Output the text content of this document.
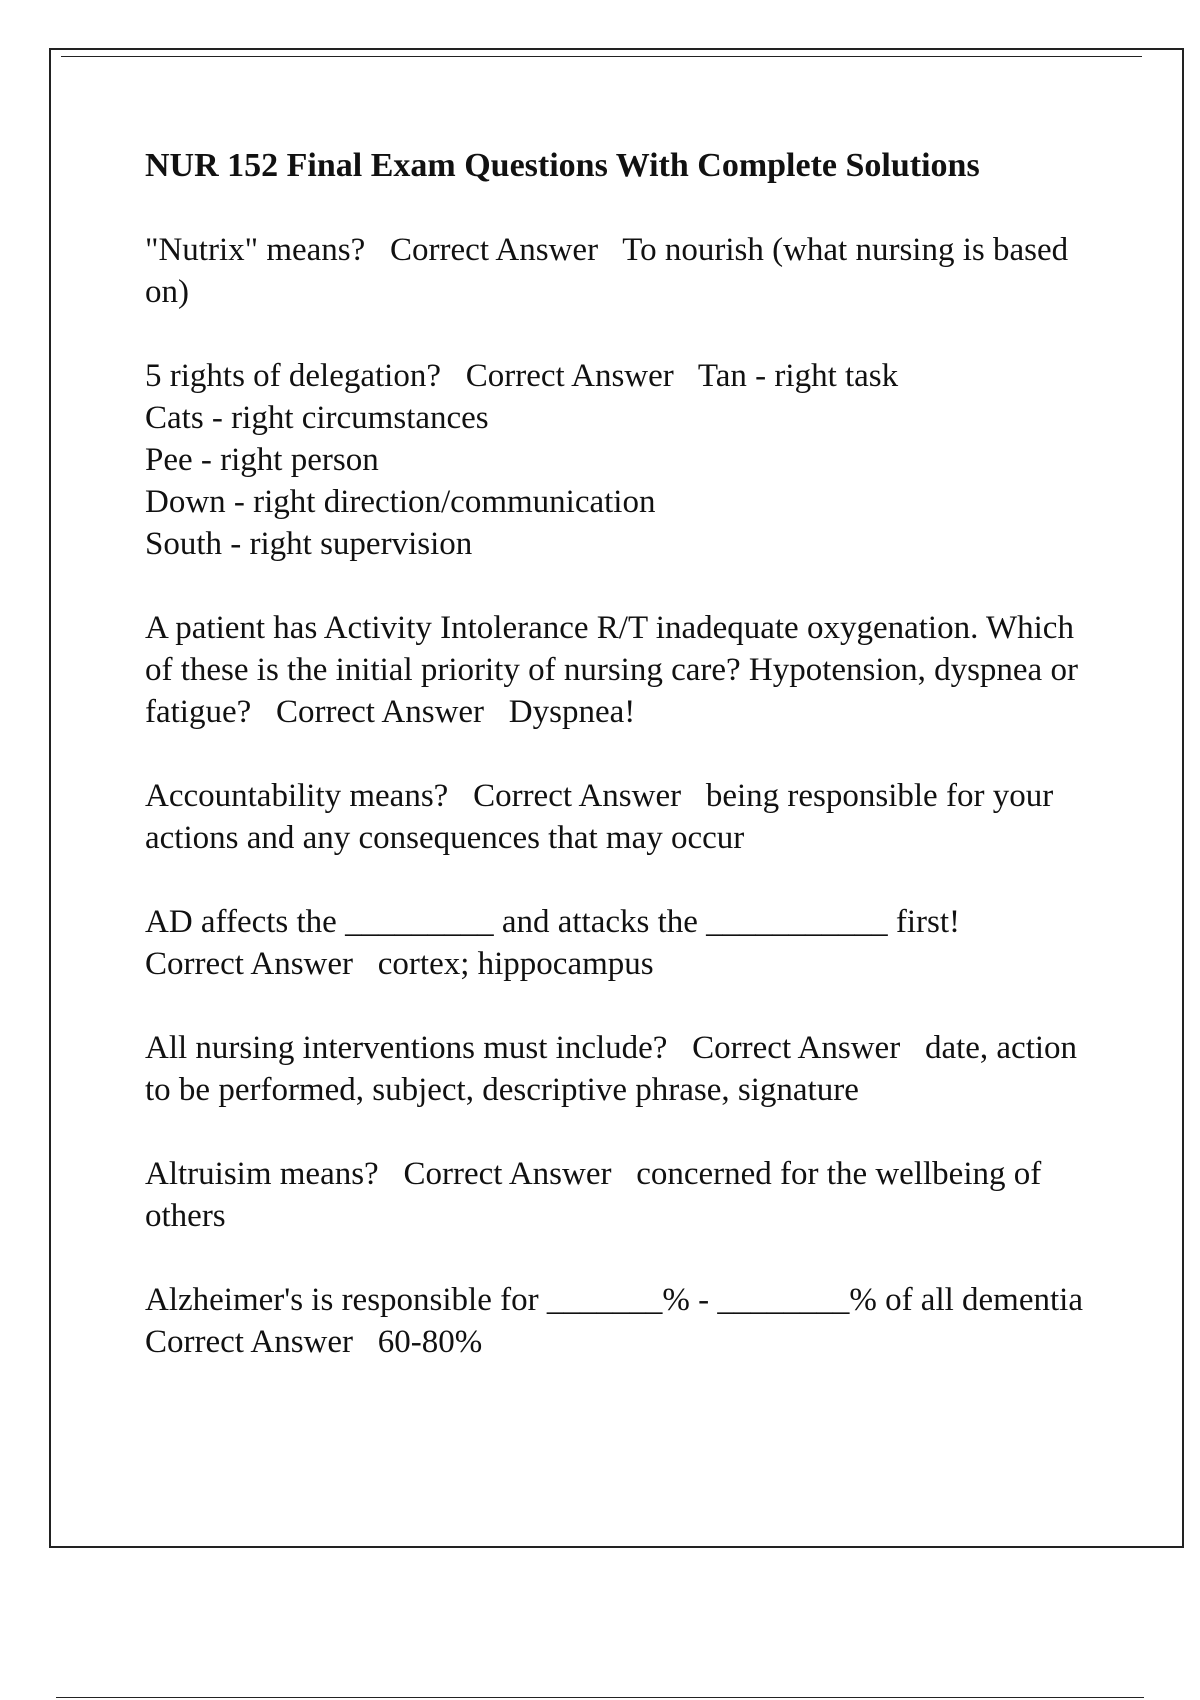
NUR 152 Final Exam Questions With Complete Solutions
"Nutrix" means?   Correct Answer   To nourish (what nursing is based on)
5 rights of delegation?   Correct Answer   Tan - right task
Cats - right circumstances
Pee - right person
Down - right direction/communication
South - right supervision
A patient has Activity Intolerance R/T inadequate oxygenation. Which of these is the initial priority of nursing care? Hypotension, dyspnea or fatigue?   Correct Answer   Dyspnea!
Accountability means?   Correct Answer   being responsible for your actions and any consequences that may occur
AD affects the _________ and attacks the ___________ first!
Correct Answer   cortex; hippocampus
All nursing interventions must include?   Correct Answer   date, action to be performed, subject, descriptive phrase, signature
Altruisim means?   Correct Answer   concerned for the wellbeing of others
Alzheimer's is responsible for _______% - ________% of all dementia   Correct Answer   60-80%
